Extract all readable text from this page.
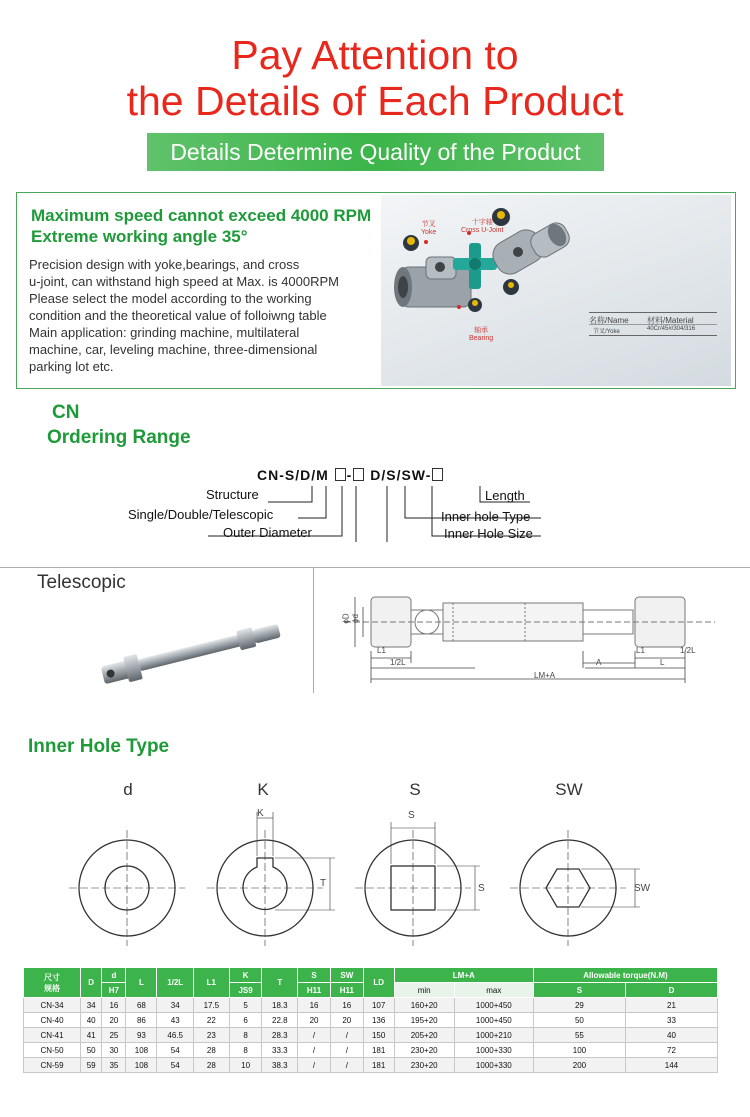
Pay Attention to
the Details of Each Product
Details Determine Quality of the Product
Maximum speed cannot exceed 4000 RPM
Extreme working angle 35°
Precision design with yoke,bearings, and cross
u-joint, can withstand high speed at Max. is 4000RPM
Please select the model according to the working
condition and the theoretical value of folloiwng table
Main application: grinding machine, multilateral
machine, car, leveling machine, three-dimensional
parking lot etc.
节叉
Yoke
十字轴
Cross U-Joint
轴承
Bearing
名称/Name 材料/Material
节叉/Yoke	40Cr/45#/304/316
CN
Ordering Range
CN-S/D/M - D/S/SW-
Structure
Single/Double/Telescopic
Outer Diameter
Length
Inner hole Type
Inner Hole Size
Telescopic
ϕD ϕd
L1
1/2L	A	L
L1	1/2L
LM+A
Inner Hole Type
d	K	S	SW
K
T
S
S	SW
尺寸
规格	D	d	L	1/2L	L1	K	T	S	SW	LD	LM+A		Allowable torque(N.M)	
		H7				JS9		H11	H11		min	max	S	D
CN-34	34	16	68	34	17.5	5	18.3	16	16	107	160+20	1000+450	29	21
CN-40	40	20	86	43	22	6	22.8	20	20	136	195+20	1000+450	50	33
CN-41	41	25	93	46.5	23	8	28.3	/	/	150	205+20	1000+210	55	40
CN-50	50	30	108	54	28	8	33.3	/	/	181	230+20	1000+330	100	72
CN-59	59	35	108	54	28	10	38.3	/	/	181	230+20	1000+330	200	144
